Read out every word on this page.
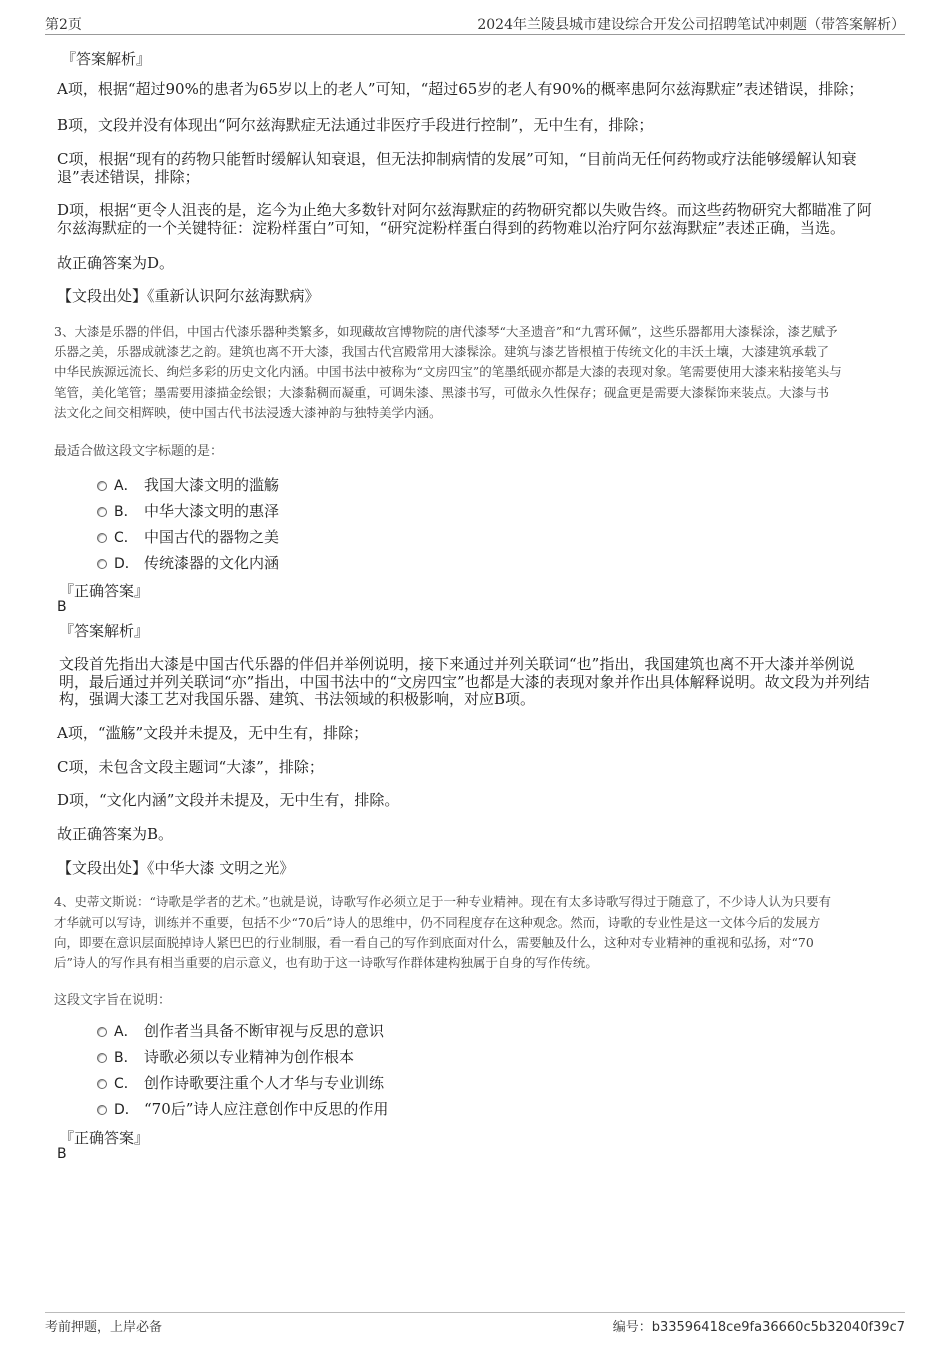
第2页	2024年兰陵县城市建设综合开发公司招聘笔试冲刺题（带答案解析）
『答案解析』
A项，根据“超过90%的患者为65岁以上的老人”可知，“超过65岁的老人有90%的概率患阿尔兹海默症”表述错误，排除；
B项，文段并没有体现出“阿尔兹海默症无法通过非医疗手段进行控制”，无中生有，排除；
C项，根据“现有的药物只能暂时缓解认知衰退，但无法抑制病情的发展”可知，“目前尚无任何药物或疗法能够缓解认知衰
退”表述错误，排除；
D项，根据“更令人沮丧的是，迄今为止绝大多数针对阿尔兹海默症的药物研究都以失败告终。而这些药物研究大都瞄准了阿
尔兹海默症的一个关键特征：淀粉样蛋白”可知，“研究淀粉样蛋白得到的药物难以治疗阿尔兹海默症”表述正确，当选。
故正确答案为D。
【文段出处】《重新认识阿尔兹海默病》
3、大漆是乐器的伴侣，中国古代漆乐器种类繁多，如现藏故宫博物院的唐代漆琴“大圣遗音”和“九霄环佩”，这些乐器都用大漆髹涂，漆艺赋予
乐器之美，乐器成就漆艺之韵。建筑也离不开大漆，我国古代宫殿常用大漆髹涂。建筑与漆艺皆根植于传统文化的丰沃土壤，大漆建筑承载了
中华民族源远流长、绚烂多彩的历史文化内涵。中国书法中被称为“文房四宝”的笔墨纸砚亦都是大漆的表现对象。笔需要使用大漆来粘接笔头与
笔管，美化笔管；墨需要用漆描金绘银；大漆黏稠而凝重，可调朱漆、黑漆书写，可做永久性保存；砚盒更是需要大漆髹饰来装点。大漆与书
法文化之间交相辉映，使中国古代书法浸透大漆神韵与独特美学内涵。
最适合做这段文字标题的是：
A． 我国大漆文明的滥觞
B． 中华大漆文明的惠泽
C． 中国古代的器物之美
D． 传统漆器的文化内涵
『正确答案』
B
『答案解析』
文段首先指出大漆是中国古代乐器的伴侣并举例说明，接下来通过并列关联词“也”指出，我国建筑也离不开大漆并举例说
明，最后通过并列关联词“亦”指出，中国书法中的“文房四宝”也都是大漆的表现对象并作出具体解释说明。故文段为并列结
构，强调大漆工艺对我国乐器、建筑、书法领域的积极影响，对应B项。
A项，“滥觞”文段并未提及，无中生有，排除；
C项，未包含文段主题词“大漆”，排除；
D项，“文化内涵”文段并未提及，无中生有，排除。
故正确答案为B。
【文段出处】《中华大漆 文明之光》
4、史蒂文斯说：“诗歌是学者的艺术。”也就是说，诗歌写作必须立足于一种专业精神。现在有太多诗歌写得过于随意了，不少诗人认为只要有
才华就可以写诗，训练并不重要，包括不少“70后”诗人的思维中，仍不同程度存在这种观念。然而，诗歌的专业性是这一文体今后的发展方
向，即要在意识层面脱掉诗人紧巴巴的行业制服，看一看自己的写作到底面对什么，需要触及什么，这种对专业精神的重视和弘扬，对“70
后”诗人的写作具有相当重要的启示意义，也有助于这一诗歌写作群体建构独属于自身的写作传统。
这段文字旨在说明：
A． 创作者当具备不断审视与反思的意识
B． 诗歌必须以专业精神为创作根本
C． 创作诗歌要注重个人才华与专业训练
D． “70后”诗人应注意创作中反思的作用
『正确答案』
B
考前押题，上岸必备	编号：b33596418ce9fa36660c5b32040f39c7
